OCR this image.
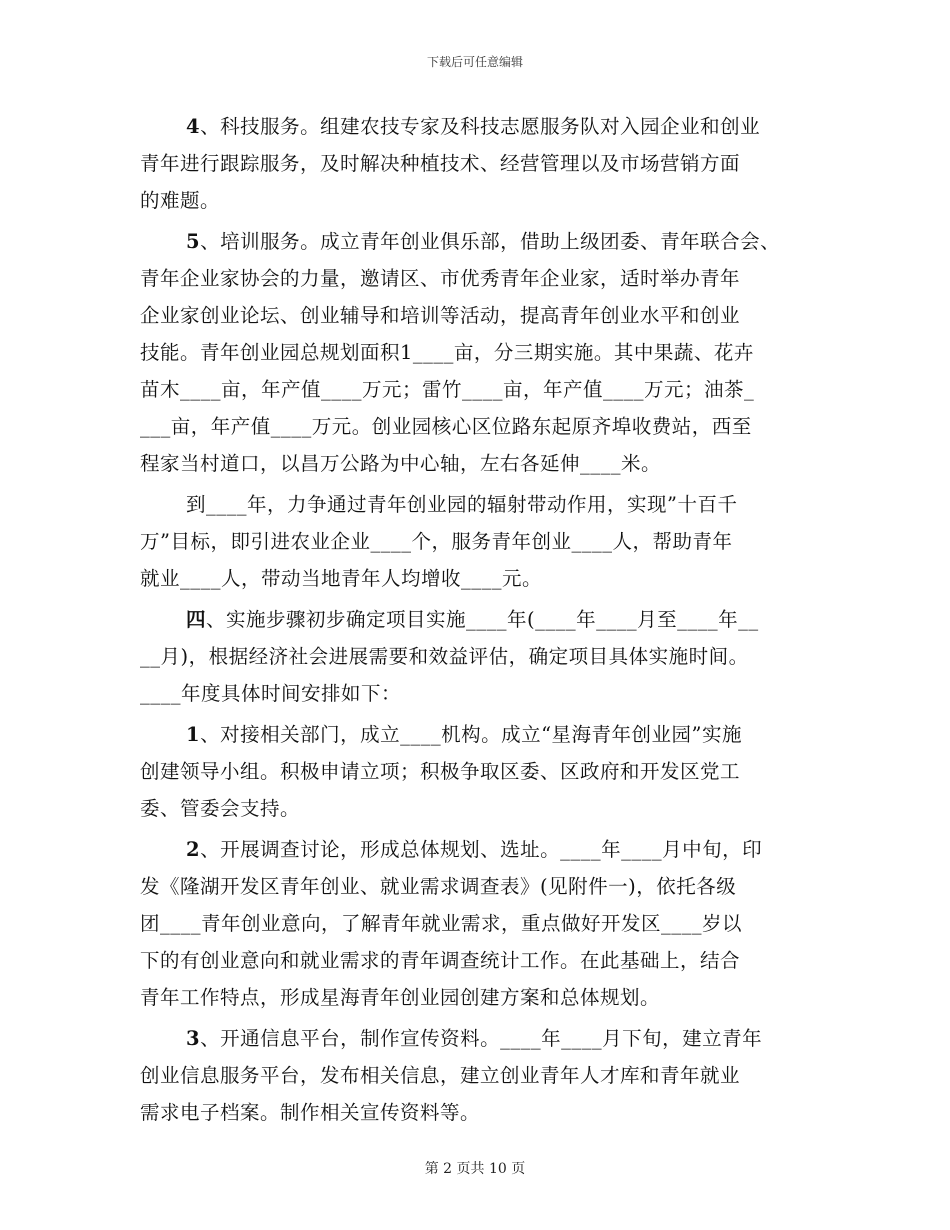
下载后可任意编辑
4、科技服务。组建农技专家及科技志愿服务队对入园企业和创业
青年进行跟踪服务，及时解决种植技术、经营管理以及市场营销方面
的难题。
5、培训服务。成立青年创业俱乐部，借助上级团委、青年联合会、
青年企业家协会的力量，邀请区、市优秀青年企业家，适时举办青年
企业家创业论坛、创业辅导和培训等活动，提高青年创业水平和创业
技能。青年创业园总规划面积1____亩，分三期实施。其中果蔬、花卉
苗木____亩，年产值____万元；雷竹____亩，年产值____万元；油茶_
___亩，年产值____万元。创业园核心区位路东起原齐埠收费站，西至
程家当村道口，以昌万公路为中心轴，左右各延伸____米。
到____年，力争通过青年创业园的辐射带动作用，实现”十百千
万”目标，即引进农业企业____个，服务青年创业____人，帮助青年
就业____人，带动当地青年人均增收____元。
四、实施步骤初步确定项目实施____年(____年____月至____年__
__月)，根据经济社会进展需要和效益评估，确定项目具体实施时间。
____年度具体时间安排如下：
1、对接相关部门，成立____机构。成立“星海青年创业园”实施
创建领导小组。积极申请立项；积极争取区委、区政府和开发区党工
委、管委会支持。
2、开展调查讨论，形成总体规划、选址。____年____月中旬，印
发《隆湖开发区青年创业、就业需求调查表》(见附件一)，依托各级
团____青年创业意向，了解青年就业需求，重点做好开发区____岁以
下的有创业意向和就业需求的青年调查统计工作。在此基础上，结合
青年工作特点，形成星海青年创业园创建方案和总体规划。
3、开通信息平台，制作宣传资料。____年____月下旬，建立青年
创业信息服务平台，发布相关信息，建立创业青年人才库和青年就业
需求电子档案。制作相关宣传资料等。
第 2 页共 10 页
